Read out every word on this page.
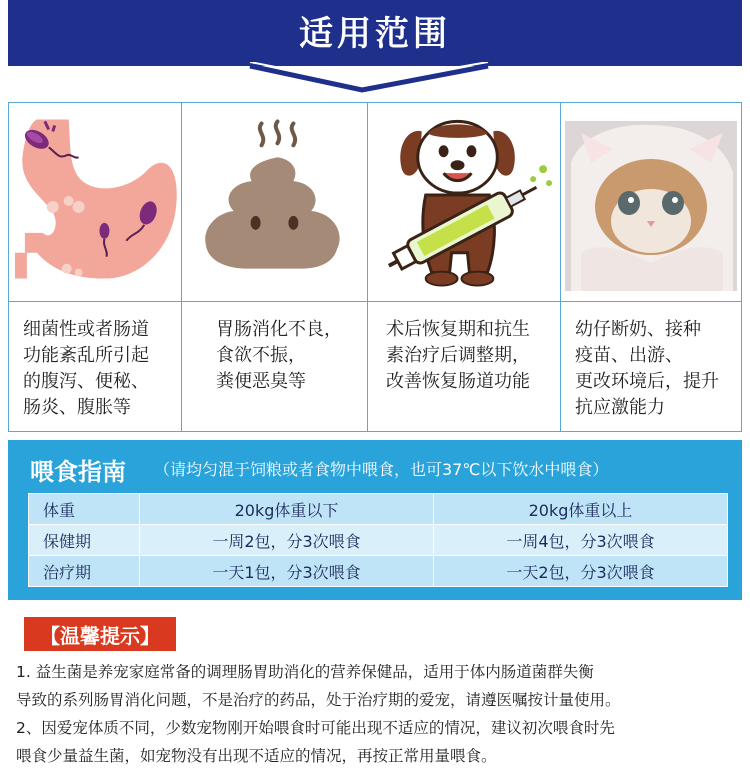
适用范围
细菌性或者肠道
功能紊乱所引起
的腹泻、便秘、
肠炎、腹胀等
胃肠消化不良，
食欲不振，
粪便恶臭等
术后恢复期和抗生
素治疗后调整期，
改善恢复肠道功能
幼仔断奶、接种
疫苗、出游、
更改环境后，提升
抗应激能力
喂食指南 （请均匀混于饲粮或者食物中喂食，也可37℃以下饮水中喂食）
体重	20kg体重以下	20kg体重以上
保健期	一周2包，分3次喂食	一周4包，分3次喂食
治疗期	一天1包，分3次喂食	一天2包，分3次喂食
【温馨提示】
1. 益生菌是养宠家庭常备的调理肠胃助消化的营养保健品，适用于体内肠道菌群失衡
导致的系列肠胃消化问题，不是治疗的药品，处于治疗期的爱宠，请遵医嘱按计量使用。
2、因爱宠体质不同，少数宠物刚开始喂食时可能出现不适应的情况，建议初次喂食时先
喂食少量益生菌，如宠物没有出现不适应的情况，再按正常用量喂食。
